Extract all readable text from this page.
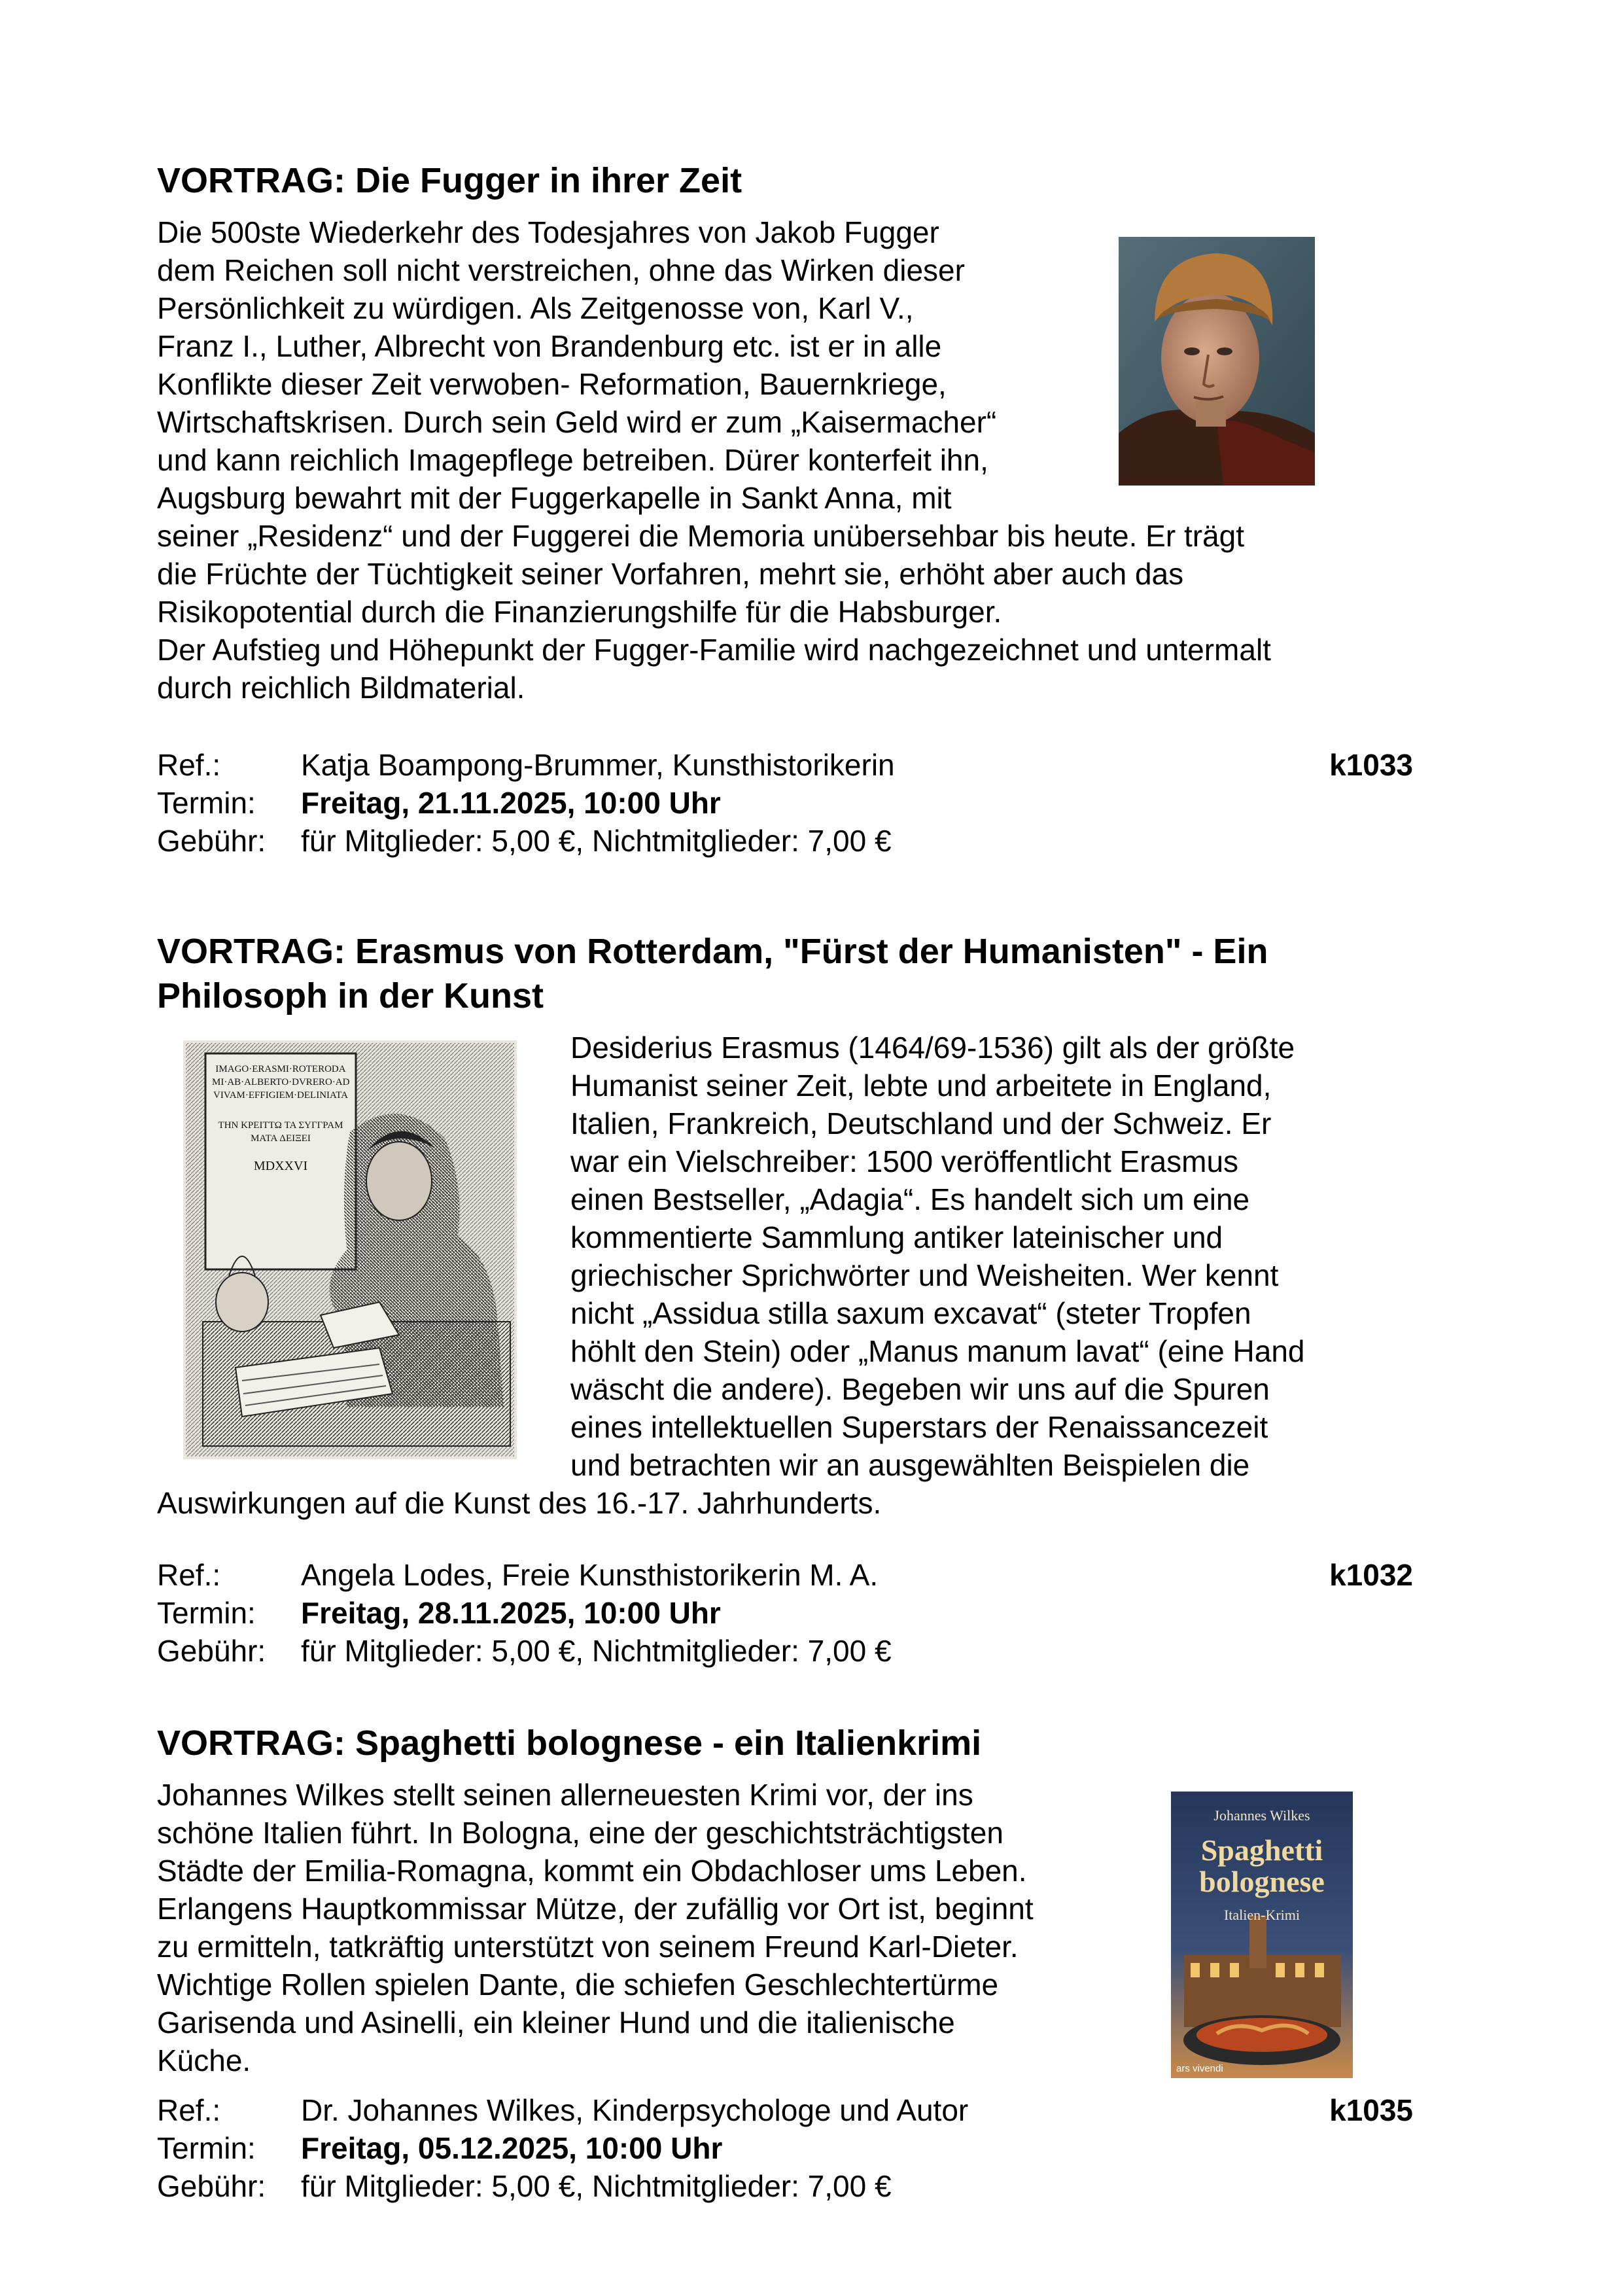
VORTRAG: Die Fugger in ihrer Zeit
Die 500ste Wiederkehr des Todesjahres von Jakob Fugger
dem Reichen soll nicht verstreichen, ohne das Wirken dieser
Persönlichkeit zu würdigen. Als Zeitgenosse von, Karl V.,
Franz I., Luther, Albrecht von Brandenburg etc. ist er in alle
Konflikte dieser Zeit verwoben- Reformation, Bauernkriege,
Wirtschaftskrisen. Durch sein Geld wird er zum „Kaisermacher“
und kann reichlich Imagepflege betreiben. Dürer konterfeit ihn,
Augsburg bewahrt mit der Fuggerkapelle in Sankt Anna, mit
seiner „Residenz“ und der Fuggerei die Memoria unübersehbar bis heute. Er trägt
die Früchte der Tüchtigkeit seiner Vorfahren, mehrt sie, erhöht aber auch das
Risikopotential durch die Finanzierungshilfe für die Habsburger.
Der Aufstieg und Höhepunkt der Fugger-Familie wird nachgezeichnet und untermalt
durch reichlich Bildmaterial.
Ref.:	Katja Boampong-Brummer, Kunsthistorikerin	k1033
Termin: Freitag, 21.11.2025, 10:00 Uhr
Gebühr: für Mitglieder: 5,00 €, Nichtmitglieder: 7,00 €
VORTRAG: Erasmus von Rotterdam, "Fürst der Humanisten" - Ein
Philosoph in der Kunst
IMAGO·ERASMI·ROTERODA
MI·AB·ALBERTO·DVRERO·AD
VIVAM·EFFIGIEM·DELINIATA
THN KPEITTΩ TA ΣΥΓΓPAM
MATA ΔEIΞEI
MDXXVI
Desiderius Erasmus (1464/69-1536) gilt als der größte
Humanist seiner Zeit, lebte und arbeitete in England,
Italien, Frankreich, Deutschland und der Schweiz. Er
war ein Vielschreiber: 1500 veröffentlicht Erasmus
einen Bestseller, „Adagia“. Es handelt sich um eine
kommentierte Sammlung antiker lateinischer und
griechischer Sprichwörter und Weisheiten. Wer kennt
nicht „Assidua stilla saxum excavat“ (steter Tropfen
höhlt den Stein) oder „Manus manum lavat“ (eine Hand
wäscht die andere). Begeben wir uns auf die Spuren
eines intellektuellen Superstars der Renaissancezeit
und betrachten wir an ausgewählten Beispielen die
Auswirkungen auf die Kunst des 16.-17. Jahrhunderts.
Ref.:	Angela Lodes, Freie Kunsthistorikerin M. A.	k1032
Termin: Freitag, 28.11.2025, 10:00 Uhr
Gebühr: für Mitglieder: 5,00 €, Nichtmitglieder: 7,00 €
VORTRAG: Spaghetti bolognese - ein Italienkrimi
Johannes Wilkes stellt seinen allerneuesten Krimi vor, der ins
schöne Italien führt. In Bologna, eine der geschichtsträchtigsten
Städte der Emilia-Romagna, kommt ein Obdachloser ums Leben.
Erlangens Hauptkommissar Mütze, der zufällig vor Ort ist, beginnt
zu ermitteln, tatkräftig unterstützt von seinem Freund Karl-Dieter.
Wichtige Rollen spielen Dante, die schiefen Geschlechtertürme
Garisenda und Asinelli, ein kleiner Hund und die italienische
Küche.
Johannes Wilkes
Spaghetti
bolognese
Italien-Krimi
ars vivendi
Ref.:	Dr. Johannes Wilkes, Kinderpsychologe und Autor	k1035
Termin: Freitag, 05.12.2025, 10:00 Uhr
Gebühr: für Mitglieder: 5,00 €, Nichtmitglieder: 7,00 €
